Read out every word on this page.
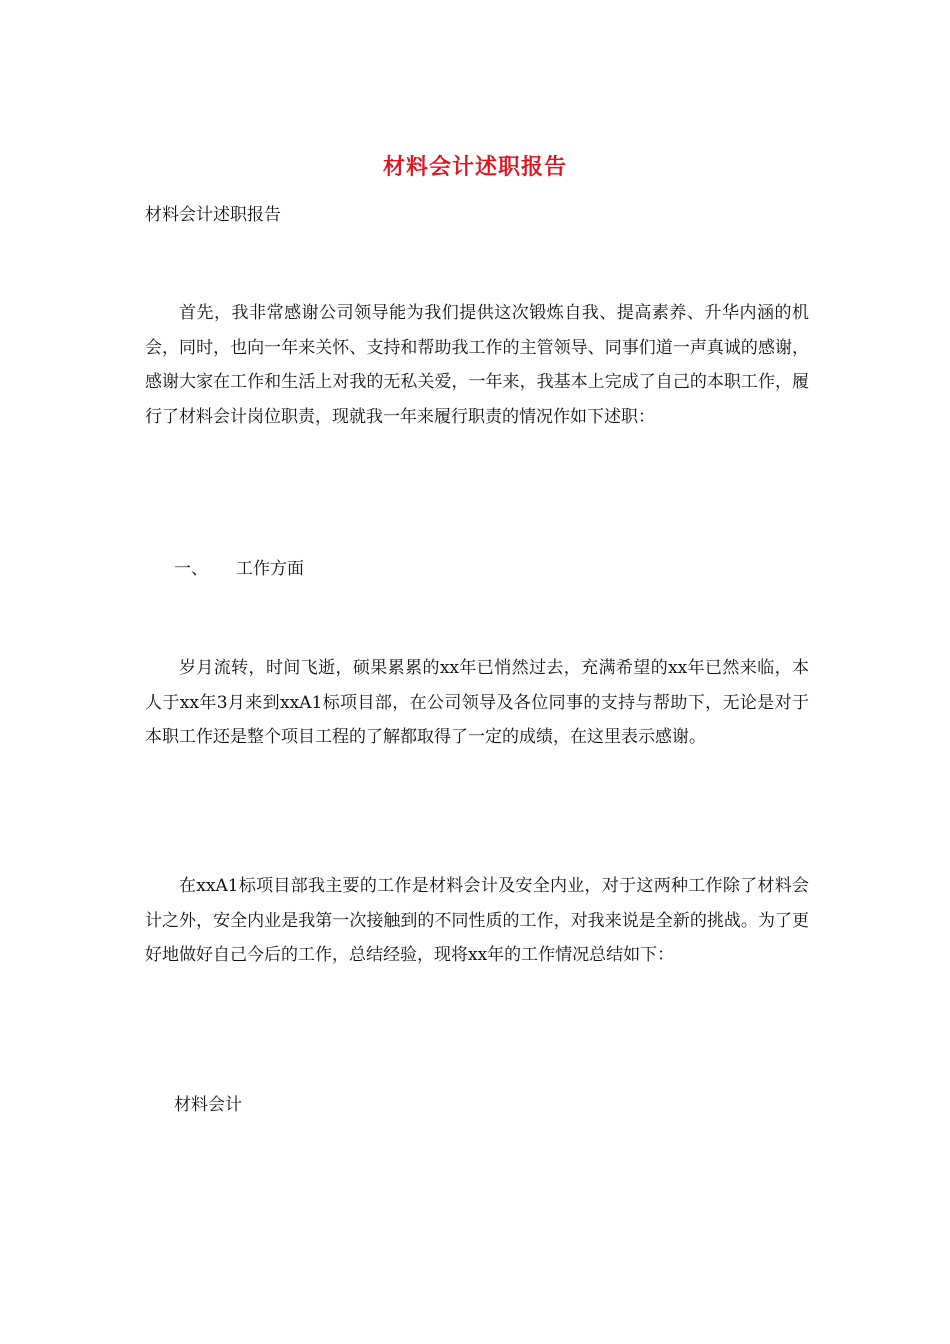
材料会计述职报告
材料会计述职报告

首先，我非常感谢公司领导能为我们提供这次锻炼自我、提高素养、升华内涵的机会，同时，也向一年来关怀、支持和帮助我工作的主管领导、同事们道一声真诚的感谢，感谢大家在工作和生活上对我的无私关爱，一年来，我基本上完成了自己的本职工作，履行了材料会计岗位职责，现就我一年来履行职责的情况作如下述职：

一、 工作方面

岁月流转，时间飞逝，硕果累累的xx年已悄然过去，充满希望的xx年已然来临，本人于xx年3月来到xxA1标项目部，在公司领导及各位同事的支持与帮助下，无论是对于本职工作还是整个项目工程的了解都取得了一定的成绩，在这里表示感谢。

在xxA1标项目部我主要的工作是材料会计及安全内业，对于这两种工作除了材料会计之外，安全内业是我第一次接触到的不同性质的工作，对我来说是全新的挑战。为了更好地做好自己今后的工作，总结经验，现将xx年的工作情况总结如下：

材料会计
